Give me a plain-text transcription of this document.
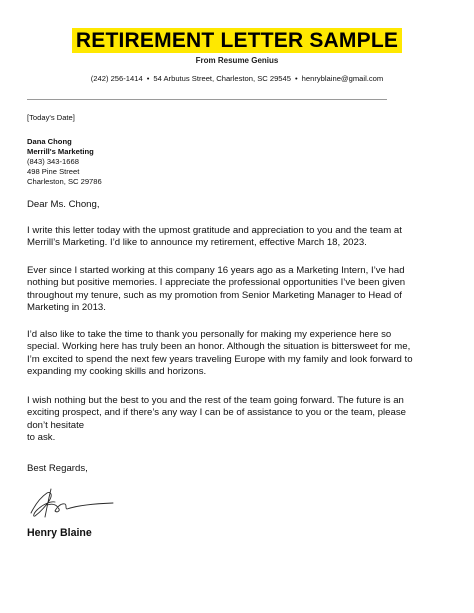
RETIREMENT LETTER SAMPLE
From Resume Genius
(242) 256-1414 • 54 Arbutus Street, Charleston, SC 29545 • henryblaine@gmail.com
[Today's Date]
Dana Chong
Merrill's Marketing
(843) 343-1668
498 Pine Street
Charleston, SC 29786
Dear Ms. Chong,
I write this letter today with the upmost gratitude and appreciation to you and the team at
Merrill’s Marketing. I’d like to announce my retirement, effective March 18, 2023.
Ever since I started working at this company 16 years ago as a Marketing Intern, I’ve had
nothing but positive memories. I appreciate the professional opportunities I’ve been given
throughout my tenure, such as my promotion from Senior Marketing Manager to Head of
Marketing in 2013.
I’d also like to take the time to thank you personally for making my experience here so
special. Working here has truly been an honor. Although the situation is bittersweet for me,
I’m excited to spend the next few years traveling Europe with my family and look forward to
expanding my cooking skills and horizons.
I wish nothing but the best to you and the rest of the team going forward. The future is an
exciting prospect, and if there’s any way I can be of assistance to you or the team, please
don’t hesitate
to ask.
Best Regards,
Henry Blaine
